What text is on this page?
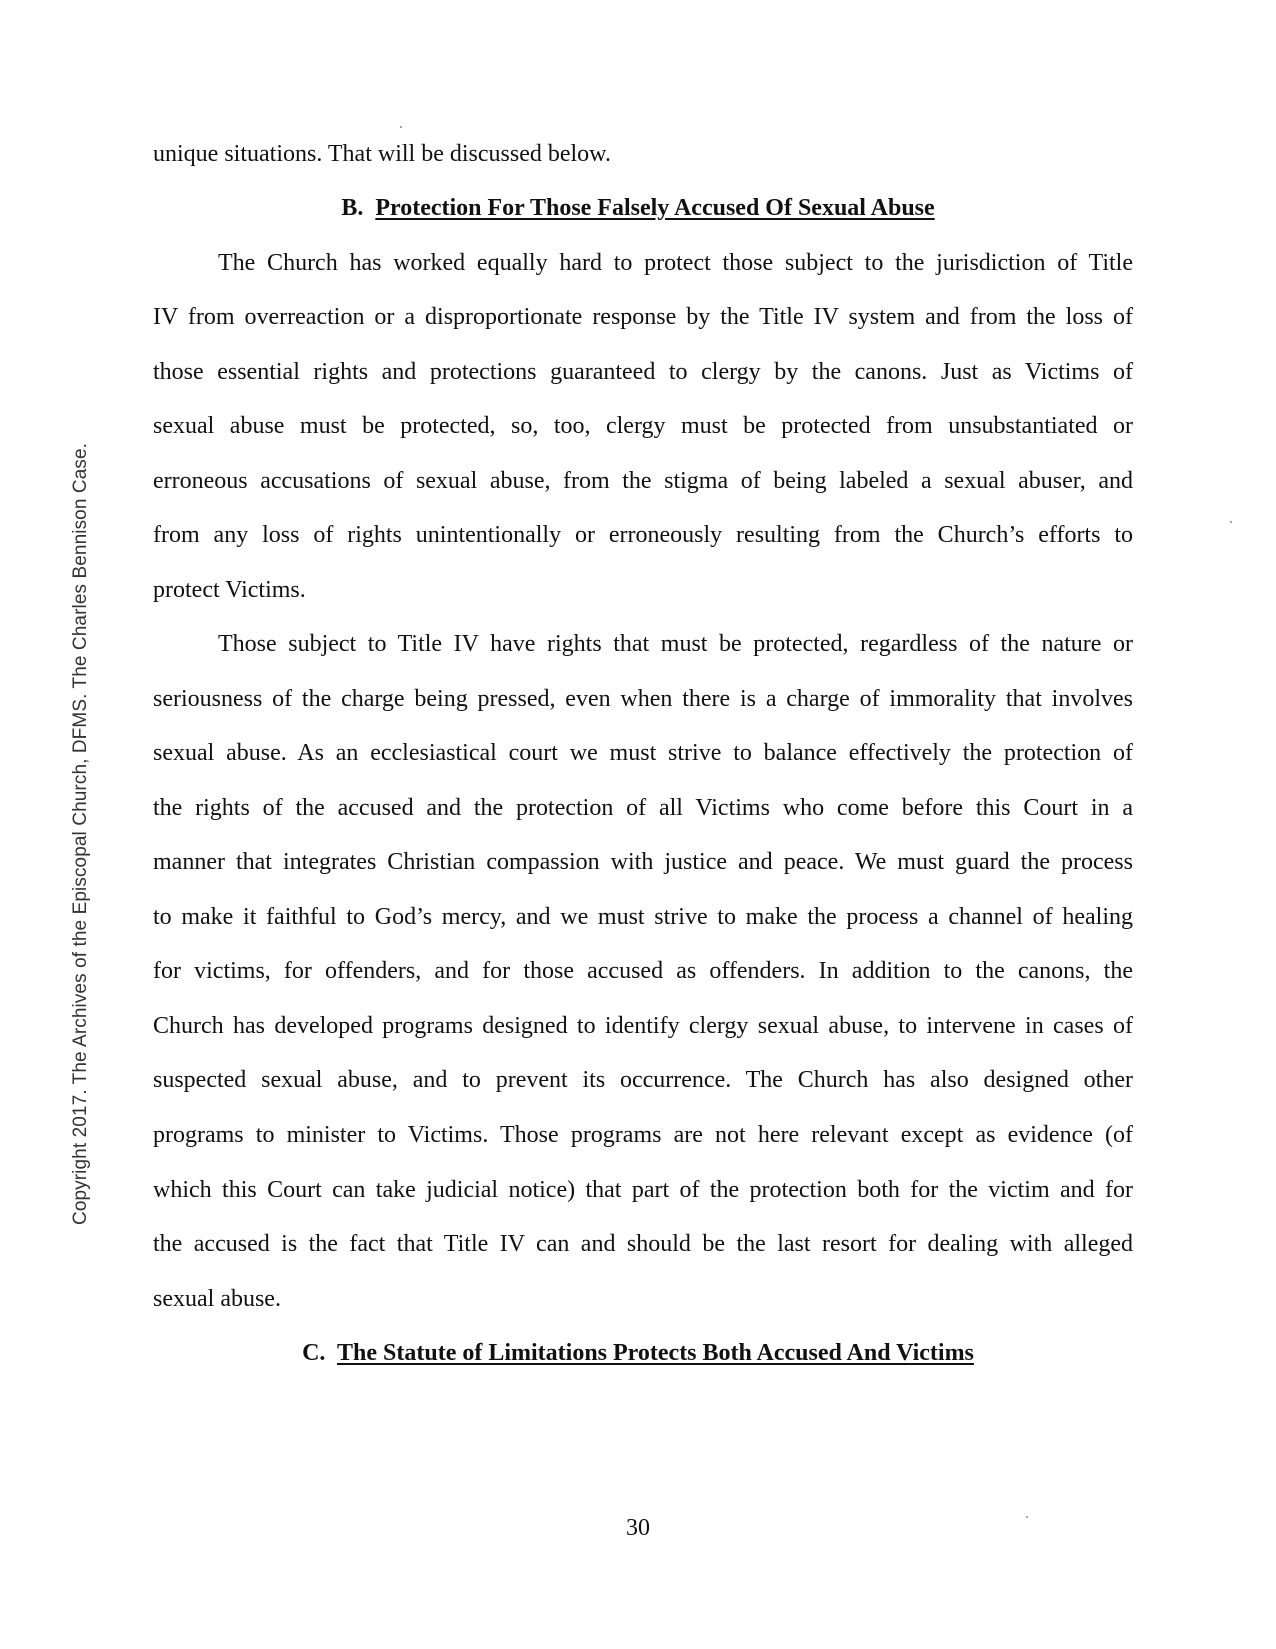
Copyright 2017. The Archives of the Episcopal Church, DFMS. The Charles Bennison Case.
unique situations. That will be discussed below.
B. Protection For Those Falsely Accused Of Sexual Abuse
The Church has worked equally hard to protect those subject to the jurisdiction of Title
IV from overreaction or a disproportionate response by the Title IV system and from the loss of
those essential rights and protections guaranteed to clergy by the canons. Just as Victims of
sexual abuse must be protected, so, too, clergy must be protected from unsubstantiated or
erroneous accusations of sexual abuse, from the stigma of being labeled a sexual abuser, and
from any loss of rights unintentionally or erroneously resulting from the Church’s efforts to
protect Victims.
Those subject to Title IV have rights that must be protected, regardless of the nature or
seriousness of the charge being pressed, even when there is a charge of immorality that involves
sexual abuse. As an ecclesiastical court we must strive to balance effectively the protection of
the rights of the accused and the protection of all Victims who come before this Court in a
manner that integrates Christian compassion with justice and peace. We must guard the process
to make it faithful to God’s mercy, and we must strive to make the process a channel of healing
for victims, for offenders, and for those accused as offenders. In addition to the canons, the
Church has developed programs designed to identify clergy sexual abuse, to intervene in cases of
suspected sexual abuse, and to prevent its occurrence. The Church has also designed other
programs to minister to Victims. Those programs are not here relevant except as evidence (of
which this Court can take judicial notice) that part of the protection both for the victim and for
the accused is the fact that Title IV can and should be the last resort for dealing with alleged
sexual abuse.
C. The Statute of Limitations Protects Both Accused And Victims
30
